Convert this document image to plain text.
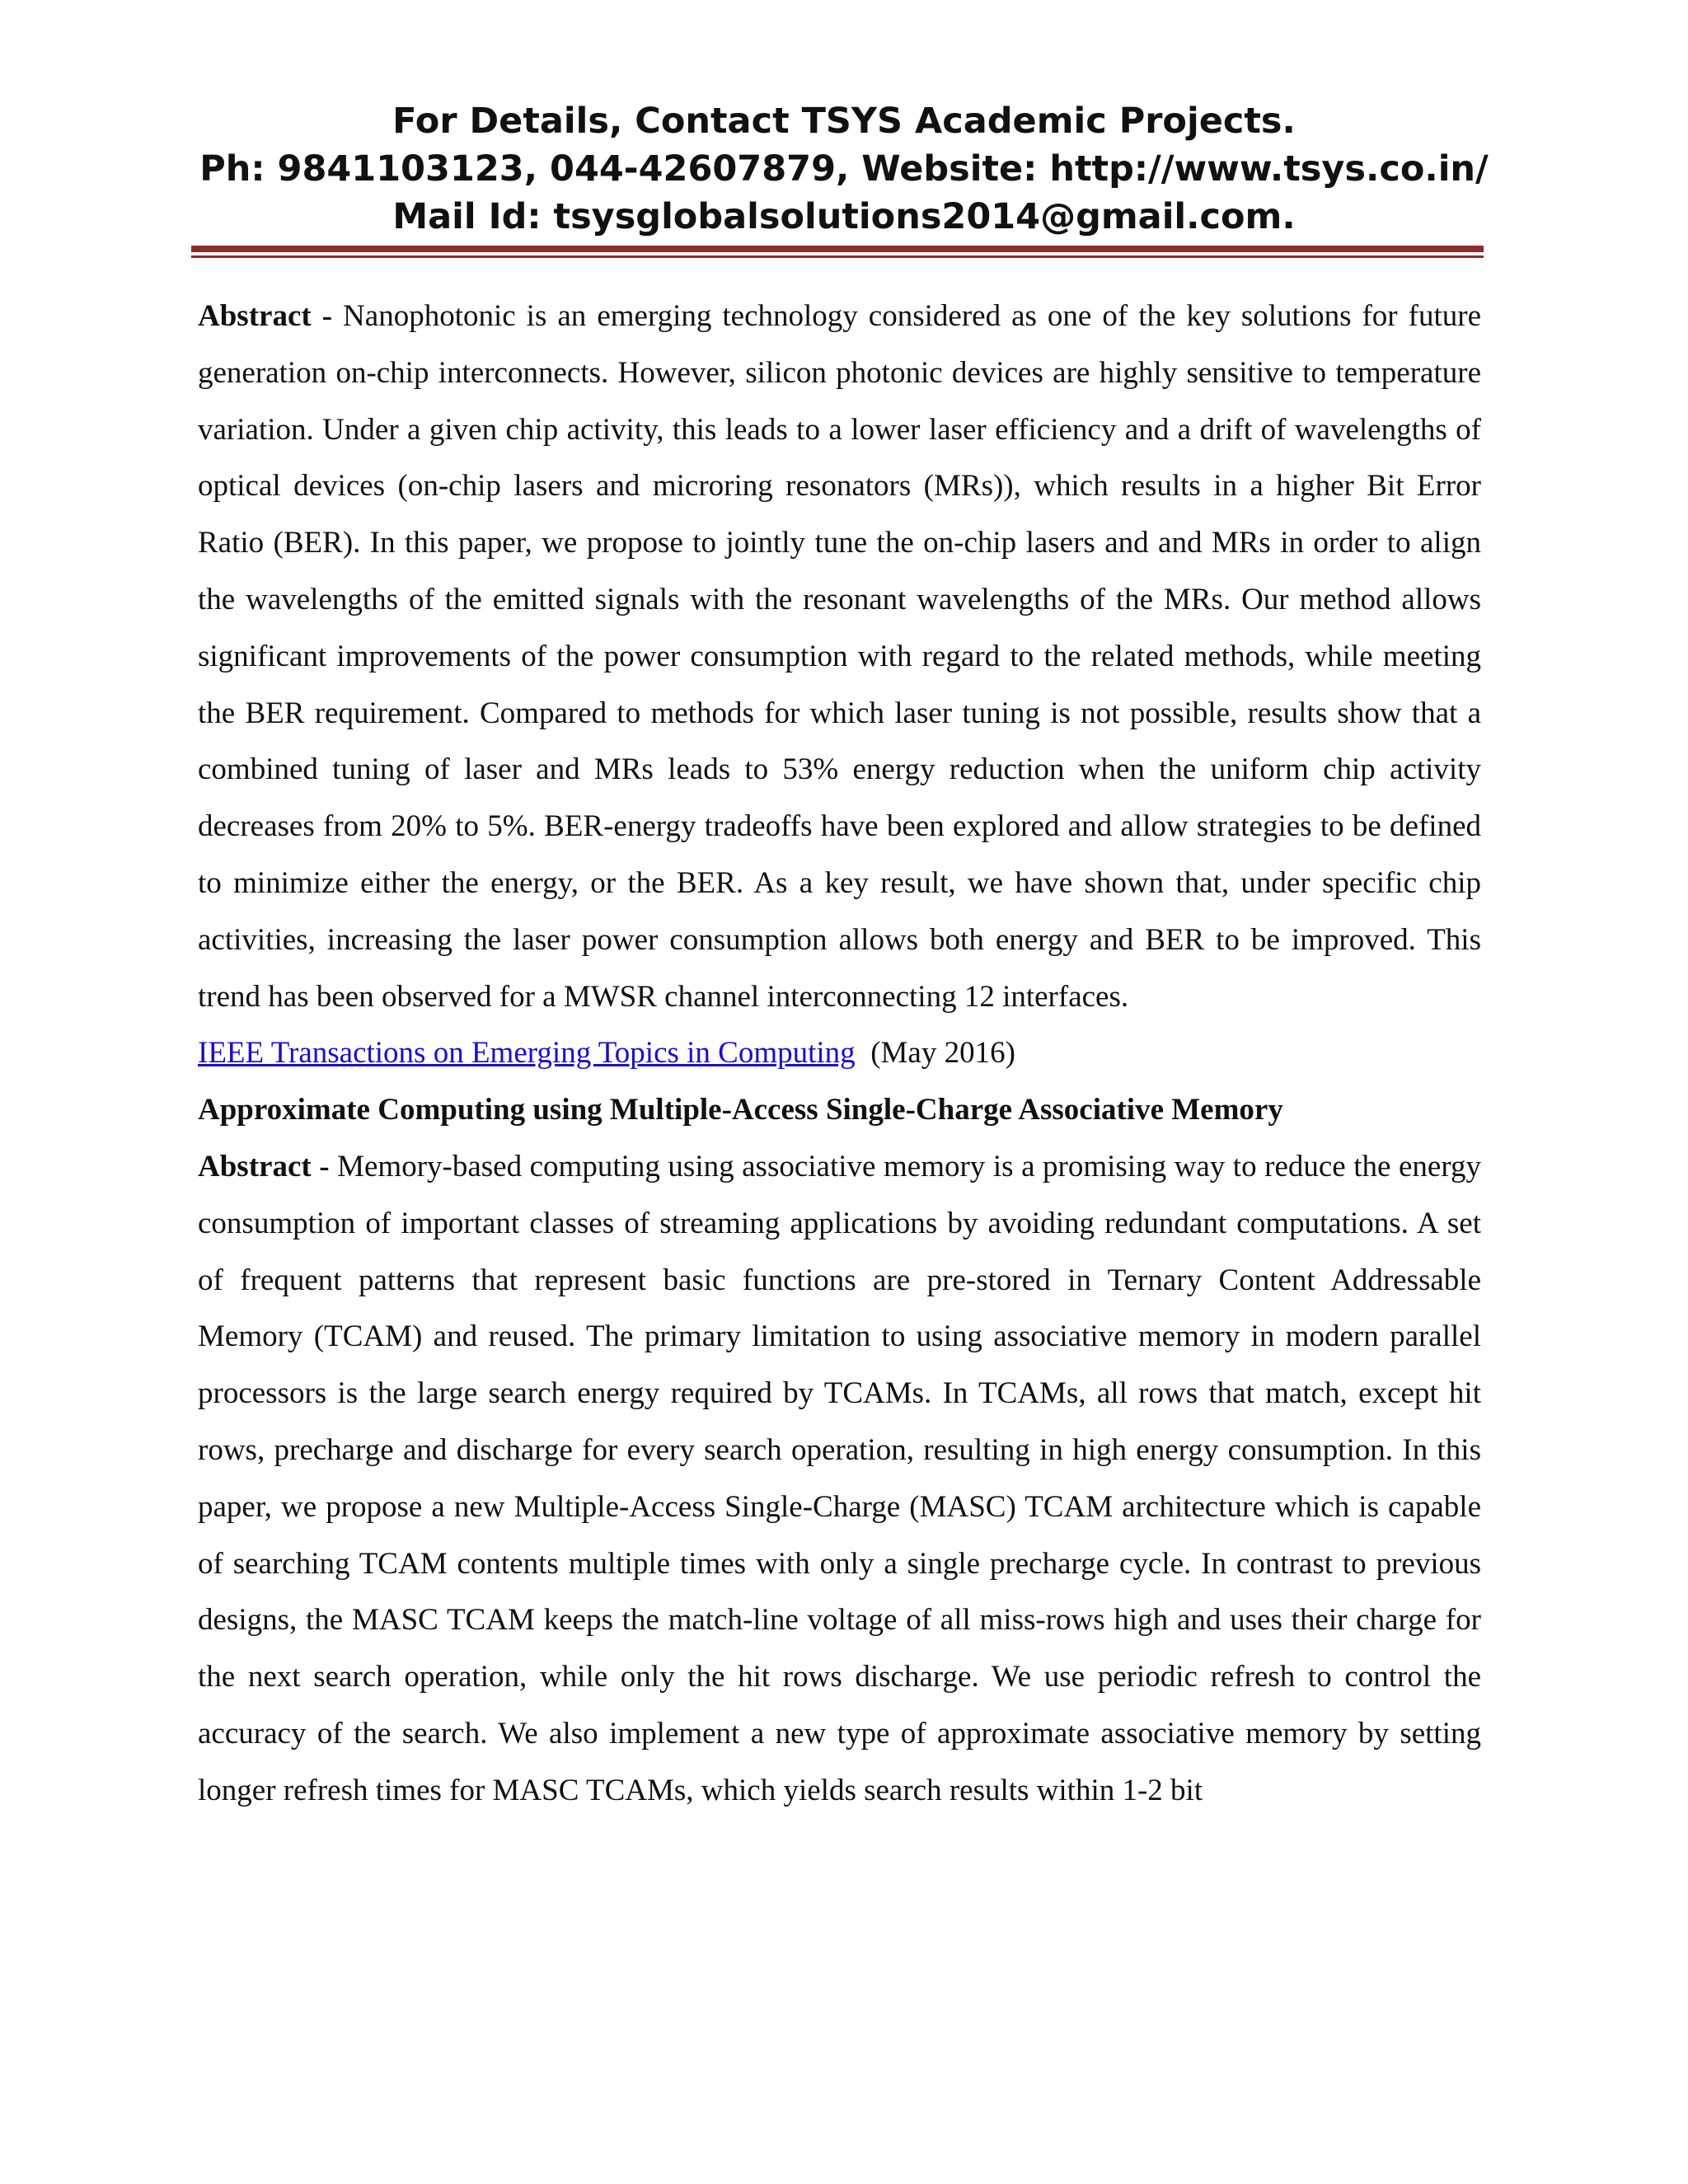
For Details, Contact TSYS Academic Projects.
Ph: 9841103123, 044-42607879, Website: http://www.tsys.co.in/
Mail Id: tsysglobalsolutions2014@gmail.com.

Abstract - Nanophotonic is an emerging technology considered as one of the key solutions for future generation on-chip interconnects. However, silicon photonic devices are highly sensitive to temperature variation. Under a given chip activity, this leads to a lower laser efficiency and a drift of wavelengths of optical devices (on-chip lasers and microring resonators (MRs)), which results in a higher Bit Error Ratio (BER). In this paper, we propose to jointly tune the on-chip lasers and and MRs in order to align the wavelengths of the emitted signals with the resonant wavelengths of the MRs. Our method allows significant improvements of the power consumption with regard to the related methods, while meeting the BER requirement. Compared to methods for which laser tuning is not possible, results show that a combined tuning of laser and MRs leads to 53% energy reduction when the uniform chip activity decreases from 20% to 5%. BER-energy tradeoffs have been explored and allow strategies to be defined to minimize either the energy, or the BER. As a key result, we have shown that, under specific chip activities, increasing the laser power consumption allows both energy and BER to be improved. This trend has been observed for a MWSR channel interconnecting 12 interfaces.

IEEE Transactions on Emerging Topics in Computing (May 2016)

Approximate Computing using Multiple-Access Single-Charge Associative Memory

Abstract - Memory-based computing using associative memory is a promising way to reduce the energy consumption of important classes of streaming applications by avoiding redundant computations. A set of frequent patterns that represent basic functions are pre-stored in Ternary Content Addressable Memory (TCAM) and reused. The primary limitation to using associative memory in modern parallel processors is the large search energy required by TCAMs. In TCAMs, all rows that match, except hit rows, precharge and discharge for every search operation, resulting in high energy consumption. In this paper, we propose a new Multiple-Access Single-Charge (MASC) TCAM architecture which is capable of searching TCAM contents multiple times with only a single precharge cycle. In contrast to previous designs, the MASC TCAM keeps the match-line voltage of all miss-rows high and uses their charge for the next search operation, while only the hit rows discharge. We use periodic refresh to control the accuracy of the search. We also implement a new type of approximate associative memory by setting longer refresh times for MASC TCAMs, which yields search results within 1-2 bit
